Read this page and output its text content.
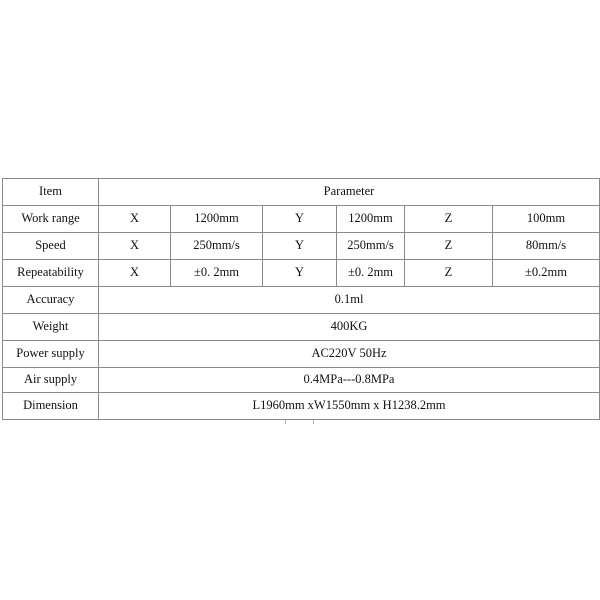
Item	Parameter					
Work range	X	1200mm	Y	1200mm	Z	100mm
Speed	X	250mm/s	Y	250mm/s	Z	80mm/s
Repeatability	X	±0. 2mm	Y	±0. 2mm	Z	±0.2mm
Accuracy	0.1ml					
Weight	400KG					
Power supply	AC220V 50Hz					
Air supply	0.4MPa---0.8MPa					
Dimension	L1960mm xW1550mm x H1238.2mm					
